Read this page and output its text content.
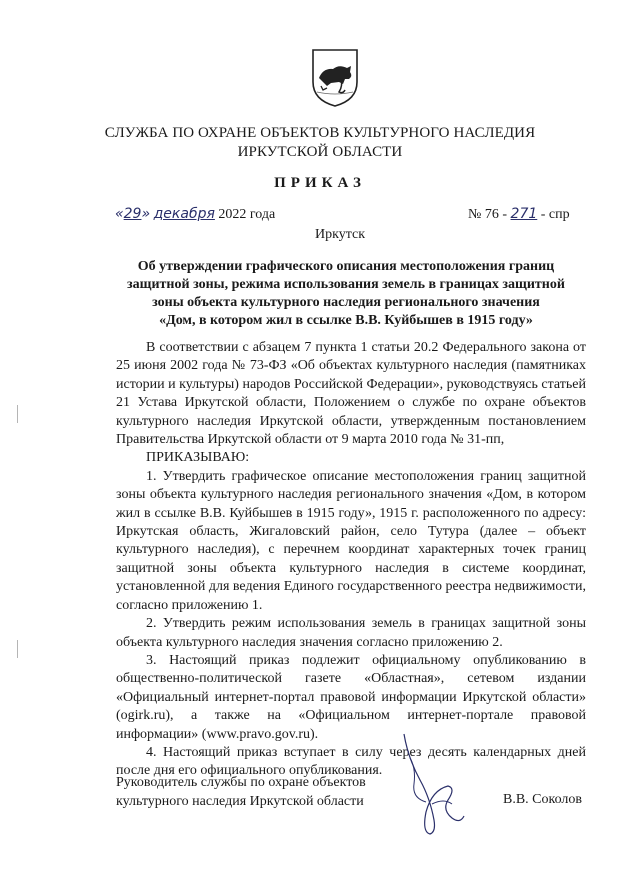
СЛУЖБА ПО ОХРАНЕ ОБЪЕКТОВ КУЛЬТУРНОГО НАСЛЕДИЯ
ИРКУТСКОЙ ОБЛАСТИ
ПРИКАЗ
«29» декабря 2022 года	№ 76 - 271 - спр
Иркутск
Об утверждении графического описания местоположения границ
защитной зоны, режима использования земель в границах защитной
зоны объекта культурного наследия регионального значения
«Дом, в котором жил в ссылке В.В. Куйбышев в 1915 году»

В соответствии с абзацем 7 пункта 1 статьи 20.2 Федерального закона от 25 июня 2002 года № 73-ФЗ «Об объектах культурного наследия (памятниках истории и культуры) народов Российской Федерации», руководствуясь статьей 21 Устава Иркутской области, Положением о службе по охране объектов культурного наследия Иркутской области, утвержденным постановлением Правительства Иркутской области от 9 марта 2010 года № 31-пп,

ПРИКАЗЫВАЮ:

1. Утвердить графическое описание местоположения границ защитной зоны объекта культурного наследия регионального значения «Дом, в котором жил в ссылке В.В. Куйбышев в 1915 году», 1915 г. расположенного по адресу: Иркутская область, Жигаловский район, село Тутура (далее – объект культурного наследия), с перечнем координат характерных точек границ защитной зоны объекта культурного наследия в системе координат, установленной для ведения Единого государственного реестра недвижимости, согласно приложению 1.

2. Утвердить режим использования земель в границах защитной зоны объекта культурного наследия значения согласно приложению 2.

3. Настоящий приказ подлежит официальному опубликованию в общественно-политической газете «Областная», сетевом издании «Официальный интернет-портал правовой информации Иркутской области» (ogirk.ru), а также на «Официальном интернет-портале правовой информации» (www.pravo.gov.ru).

4. Настоящий приказ вступает в силу через десять календарных дней после дня его официального опубликования.

Руководитель службы по охране объектов
культурного наследия Иркутской области	В.В. Соколов
